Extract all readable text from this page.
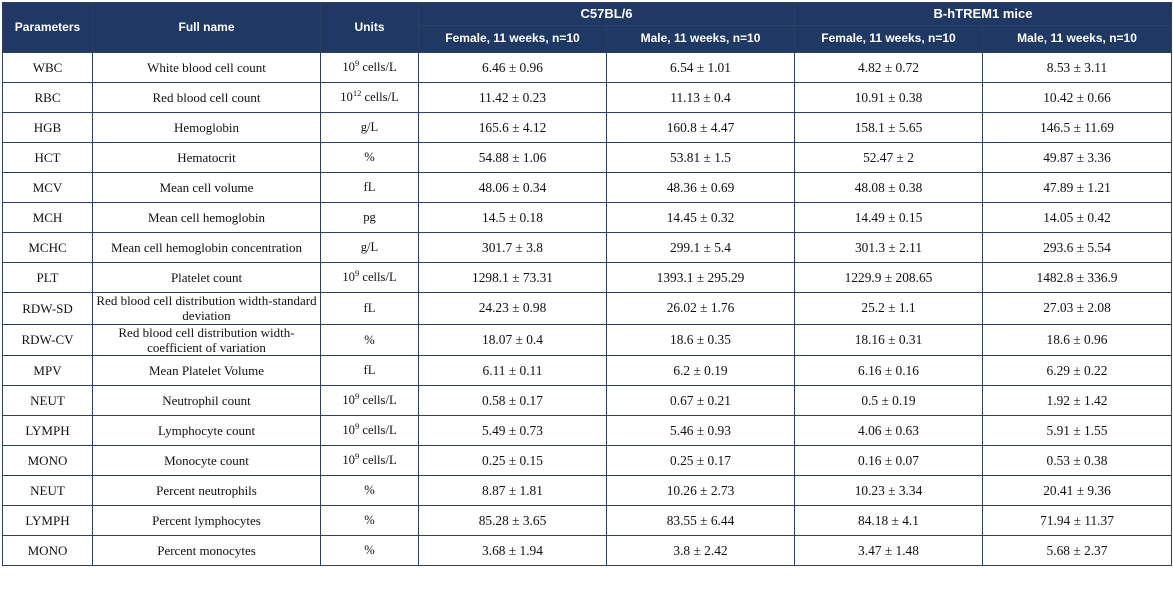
Parameters	Full name	Units	C57BL/6		B-hTREM1 mice	
			Female, 11 weeks, n=10	Male, 11 weeks, n=10	Female, 11 weeks, n=10	Male, 11 weeks, n=10
WBC	White blood cell count	$10^9$ cells/L	6.46 ± 0.96	6.54 ± 1.01	4.82 ± 0.72	8.53 ± 3.11
RBC	Red blood cell count	$10^{12}$ cells/L	11.42 ± 0.23	11.13 ± 0.4	10.91 ± 0.38	10.42 ± 0.66
HGB	Hemoglobin	g/L	165.6 ± 4.12	160.8 ± 4.47	158.1 ± 5.65	146.5 ± 11.69
HCT	Hematocrit	%	54.88 ± 1.06	53.81 ± 1.5	52.47 ± 2	49.87 ± 3.36
MCV	Mean cell volume	fL	48.06 ± 0.34	48.36 ± 0.69	48.08 ± 0.38	47.89 ± 1.21
MCH	Mean cell hemoglobin	pg	14.5 ± 0.18	14.45 ± 0.32	14.49 ± 0.15	14.05 ± 0.42
MCHC	Mean cell hemoglobin concentration	g/L	301.7 ± 3.8	299.1 ± 5.4	301.3 ± 2.11	293.6 ± 5.54
PLT	Platelet count	$10^9$ cells/L	1298.1 ± 73.31	1393.1 ± 295.29	1229.9 ± 208.65	1482.8 ± 336.9
RDW-SD	Red blood cell distribution width-standard deviation	fL	24.23 ± 0.98	26.02 ± 1.76	25.2 ± 1.1	27.03 ± 2.08
RDW-CV	Red blood cell distribution width-coefficient of variation	%	18.07 ± 0.4	18.6 ± 0.35	18.16 ± 0.31	18.6 ± 0.96
MPV	Mean Platelet Volume	fL	6.11 ± 0.11	6.2 ± 0.19	6.16 ± 0.16	6.29 ± 0.22
NEUT	Neutrophil count	$10^9$ cells/L	0.58 ± 0.17	0.67 ± 0.21	0.5 ± 0.19	1.92 ± 1.42
LYMPH	Lymphocyte count	$10^9$ cells/L	5.49 ± 0.73	5.46 ± 0.93	4.06 ± 0.63	5.91 ± 1.55
MONO	Monocyte count	$10^9$ cells/L	0.25 ± 0.15	0.25 ± 0.17	0.16 ± 0.07	0.53 ± 0.38
NEUT	Percent neutrophils	%	8.87 ± 1.81	10.26 ± 2.73	10.23 ± 3.34	20.41 ± 9.36
LYMPH	Percent lymphocytes	%	85.28 ± 3.65	83.55 ± 6.44	84.18 ± 4.1	71.94 ± 11.37
MONO	Percent monocytes	%	3.68 ± 1.94	3.8 ± 2.42	3.47 ± 1.48	5.68 ± 2.37
